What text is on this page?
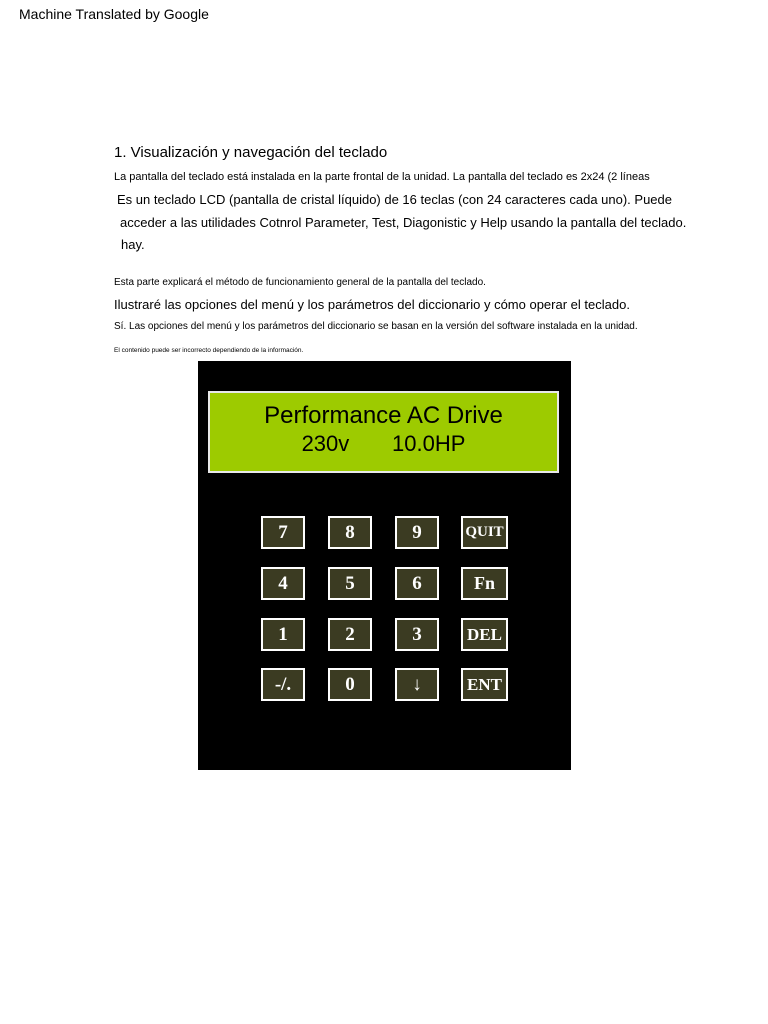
Machine Translated by Google
1. Visualización y navegación del teclado
La pantalla del teclado está instalada en la parte frontal de la unidad. La pantalla del teclado es 2x24 (2 líneas
Es un teclado LCD (pantalla de cristal líquido) de 16 teclas (con 24 caracteres cada uno). Puede
acceder a las utilidades Cotnrol Parameter, Test, Diagonistic y Help usando la pantalla del teclado.
hay.
Esta parte explicará el método de funcionamiento general de la pantalla del teclado.
Ilustraré las opciones del menú y los parámetros del diccionario y cómo operar el teclado.
Sí. Las opciones del menú y los parámetros del diccionario se basan en la versión del software instalada en la unidad.
El contenido puede ser incorrecto dependiendo de la información.
Performance AC Drive
230v       10.0HP
7	8	9	QUIT
4	5	6	Fn
1	2	3	DEL
-/.	0	↓	ENT
